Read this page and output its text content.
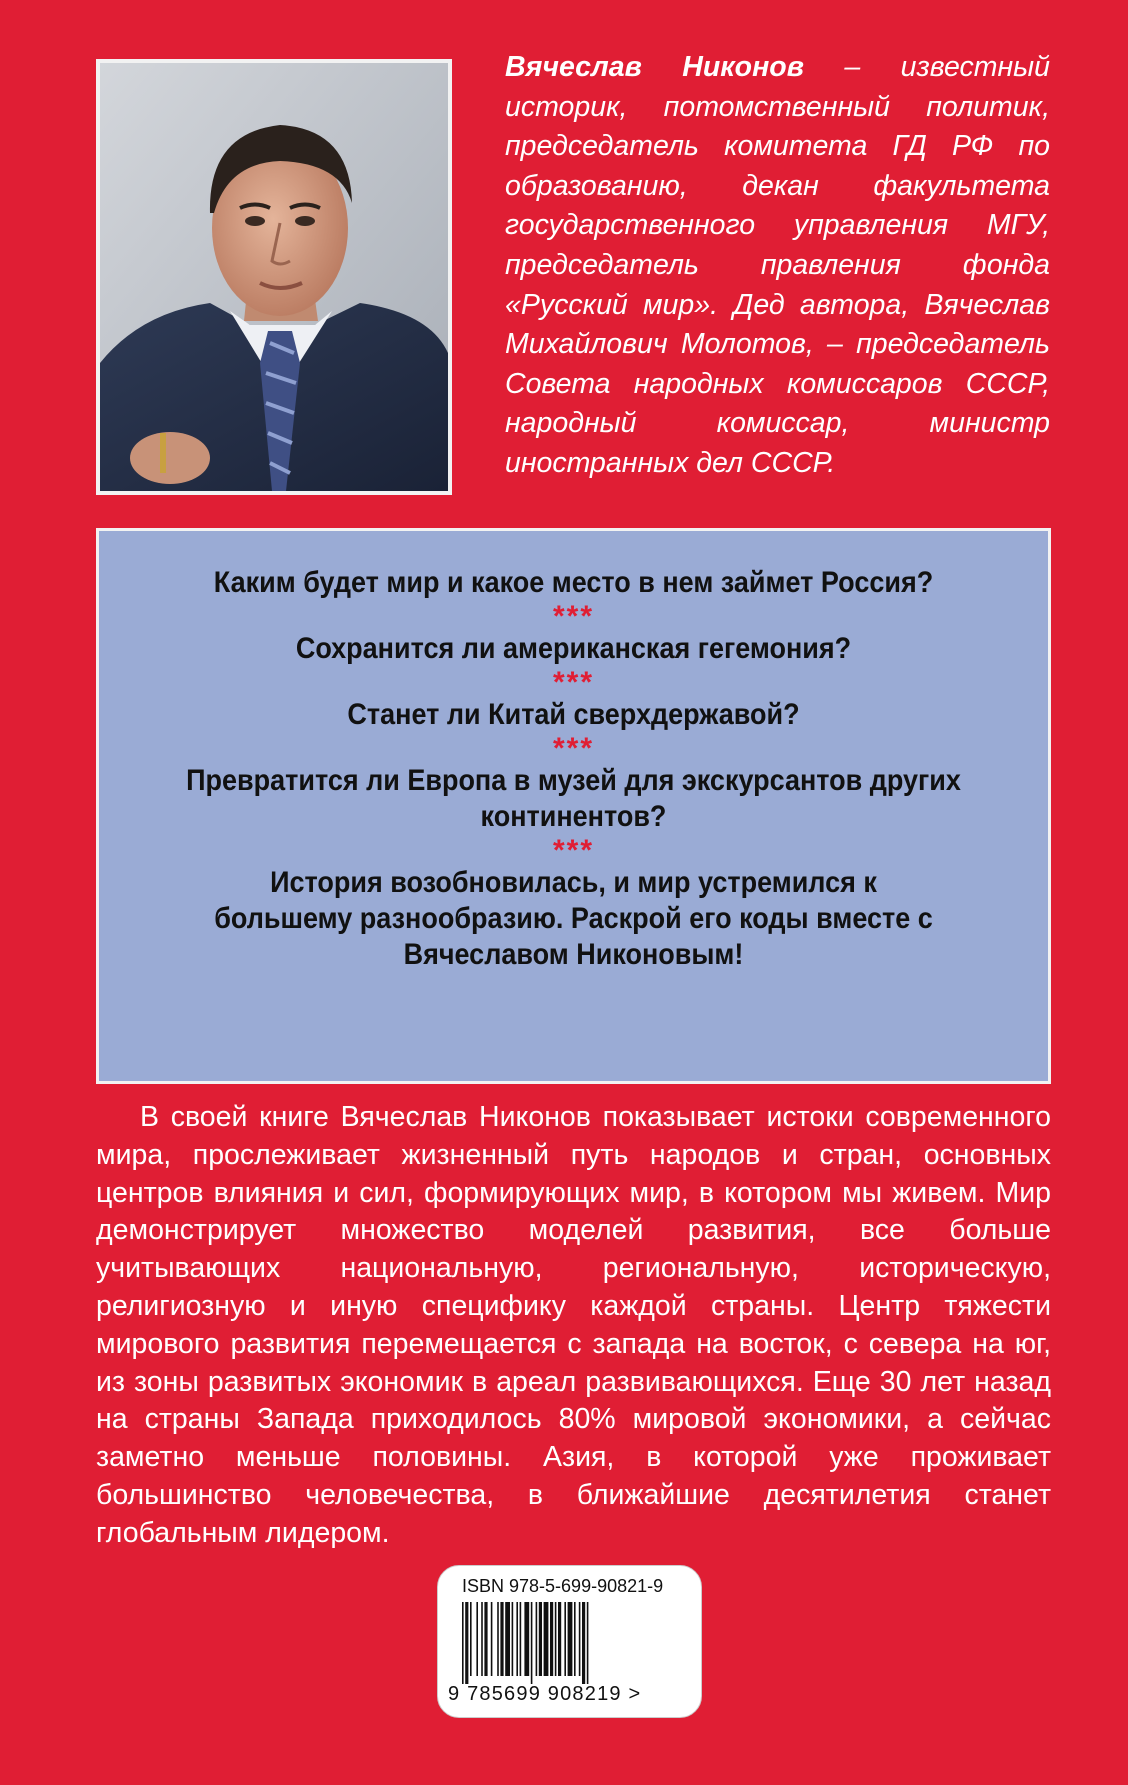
Вячеслав Никонов – известный историк, потомственный политик, председатель комитета ГД РФ по образованию, декан факультета государственного управления МГУ, председатель правления фонда «Русский мир». Дед автора, Вячеслав Михайлович Молотов, – председатель Совета народных комиссаров СССР, народный комиссар, министр иностранных дел СССР.

Каким будет мир и какое место в нем займет Россия?

***

Сохранится ли американская гегемония?

***

Станет ли Китай сверхдержавой?

***

Превратится ли Европа в музей для экскурсантов других континентов?

***

История возобновилась, и мир устремился к большему разнообразию. Раскрой его коды вместе с Вячеславом Никоновым!

В своей книге Вячеслав Никонов показывает истоки современного мира, прослеживает жизненный путь народов и стран, основных центров влияния и сил, формирующих мир, в котором мы живем. Мир демонстрирует множество моделей развития, все больше учитывающих национальную, региональную, историческую, религиозную и иную специфику каждой страны. Центр тяжести мирового развития перемещается с запада на восток, с севера на юг, из зоны развитых экономик в ареал развивающихся. Еще 30 лет назад на страны Запада приходилось 80% мировой экономики, а сейчас заметно меньше половины. Азия, в которой уже проживает большинство человечества, в ближайшие десятилетия станет глобальным лидером.

ISBN 978-5-699-90821-9
9 785699 908219 >
